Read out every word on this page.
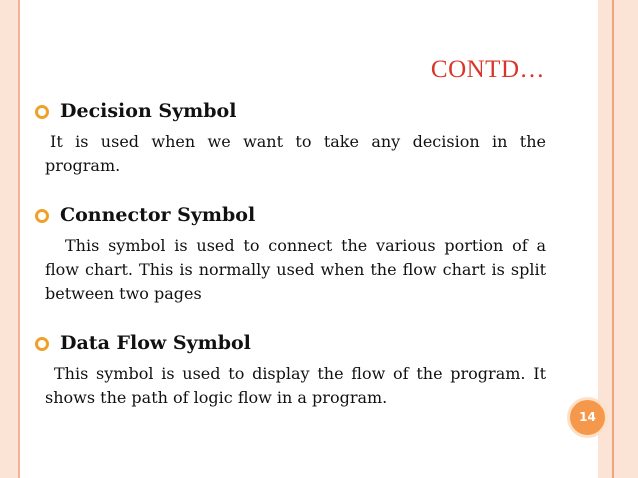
CONTD…
Decision Symbol
It is used when we want to take any decision in the program.
Connector Symbol
This symbol is used to connect the various portion of a flow chart. This is normally used when the flow chart is split between two pages
Data Flow Symbol
This symbol is used to display the flow of the program. It shows the path of logic flow in a program.
14
